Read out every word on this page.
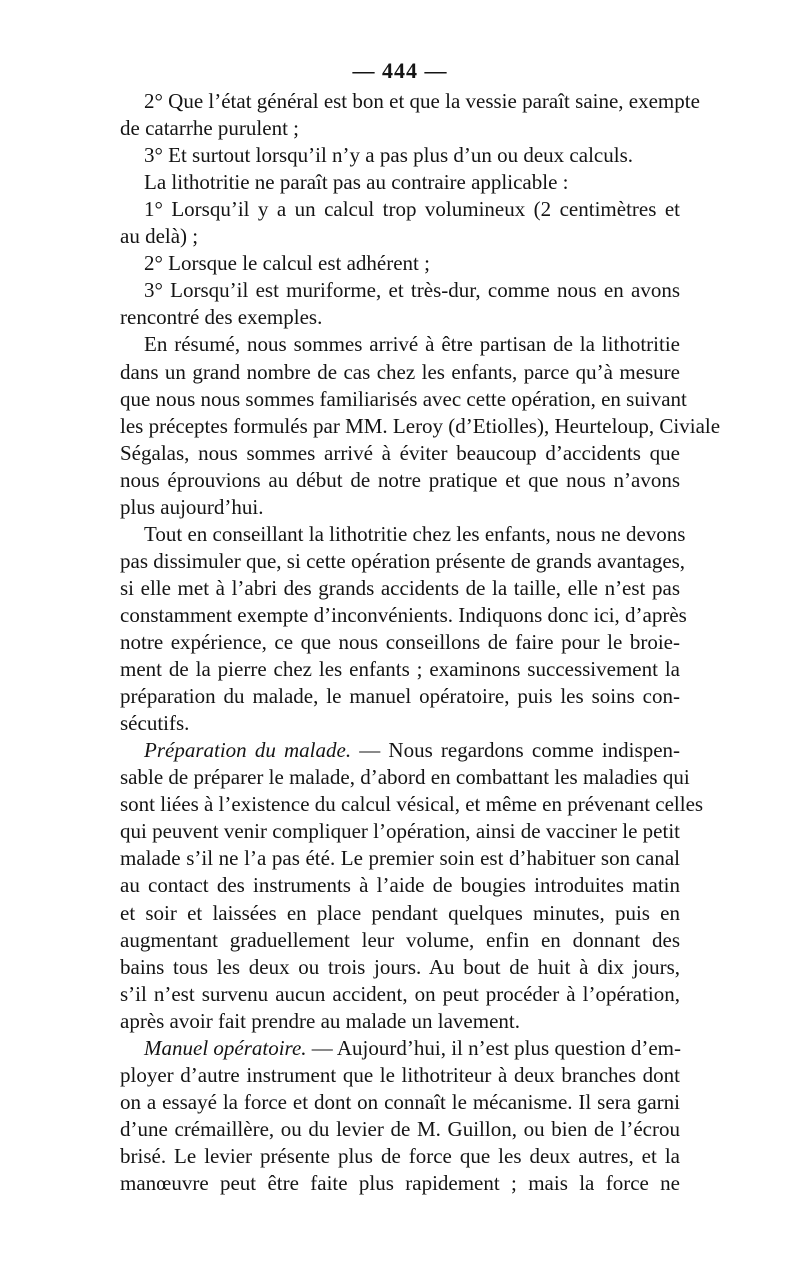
— 444 —
2° Que l’état général est bon et que la vessie paraît saine, exempte
de catarrhe purulent ;
3° Et surtout lorsqu’il n’y a pas plus d’un ou deux calculs.
La lithotritie ne paraît pas au contraire applicable :
1° Lorsqu’il y a un calcul trop volumineux (2 centimètres et
au delà) ;
2° Lorsque le calcul est adhérent ;
3° Lorsqu’il est muriforme, et très-dur, comme nous en avons
rencontré des exemples.
En résumé, nous sommes arrivé à être partisan de la lithotritie
dans un grand nombre de cas chez les enfants, parce qu’à mesure
que nous nous sommes familiarisés avec cette opération, en suivant
les préceptes formulés par MM. Leroy (d’Etiolles), Heurteloup, Civiale
Ségalas, nous sommes arrivé à éviter beaucoup d’accidents que
nous éprouvions au début de notre pratique et que nous n’avons
plus aujourd’hui.
Tout en conseillant la lithotritie chez les enfants, nous ne devons
pas dissimuler que, si cette opération présente de grands avantages,
si elle met à l’abri des grands accidents de la taille, elle n’est pas
constamment exempte d’inconvénients. Indiquons donc ici, d’après
notre expérience, ce que nous conseillons de faire pour le broie-
ment de la pierre chez les enfants ; examinons successivement la
préparation du malade, le manuel opératoire, puis les soins con-
sécutifs.
Préparation du malade. — Nous regardons comme indispen-
sable de préparer le malade, d’abord en combattant les maladies qui
sont liées à l’existence du calcul vésical, et même en prévenant celles
qui peuvent venir compliquer l’opération, ainsi de vacciner le petit
malade s’il ne l’a pas été. Le premier soin est d’habituer son canal
au contact des instruments à l’aide de bougies introduites matin
et soir et laissées en place pendant quelques minutes, puis en
augmentant graduellement leur volume, enfin en donnant des
bains tous les deux ou trois jours. Au bout de huit à dix jours,
s’il n’est survenu aucun accident, on peut procéder à l’opération,
après avoir fait prendre au malade un lavement.
Manuel opératoire. — Aujourd’hui, il n’est plus question d’em-
ployer d’autre instrument que le lithotriteur à deux branches dont
on a essayé la force et dont on connaît le mécanisme. Il sera garni
d’une crémaillère, ou du levier de M. Guillon, ou bien de l’écrou
brisé. Le levier présente plus de force que les deux autres, et la
manœuvre peut être faite plus rapidement ; mais la force ne
